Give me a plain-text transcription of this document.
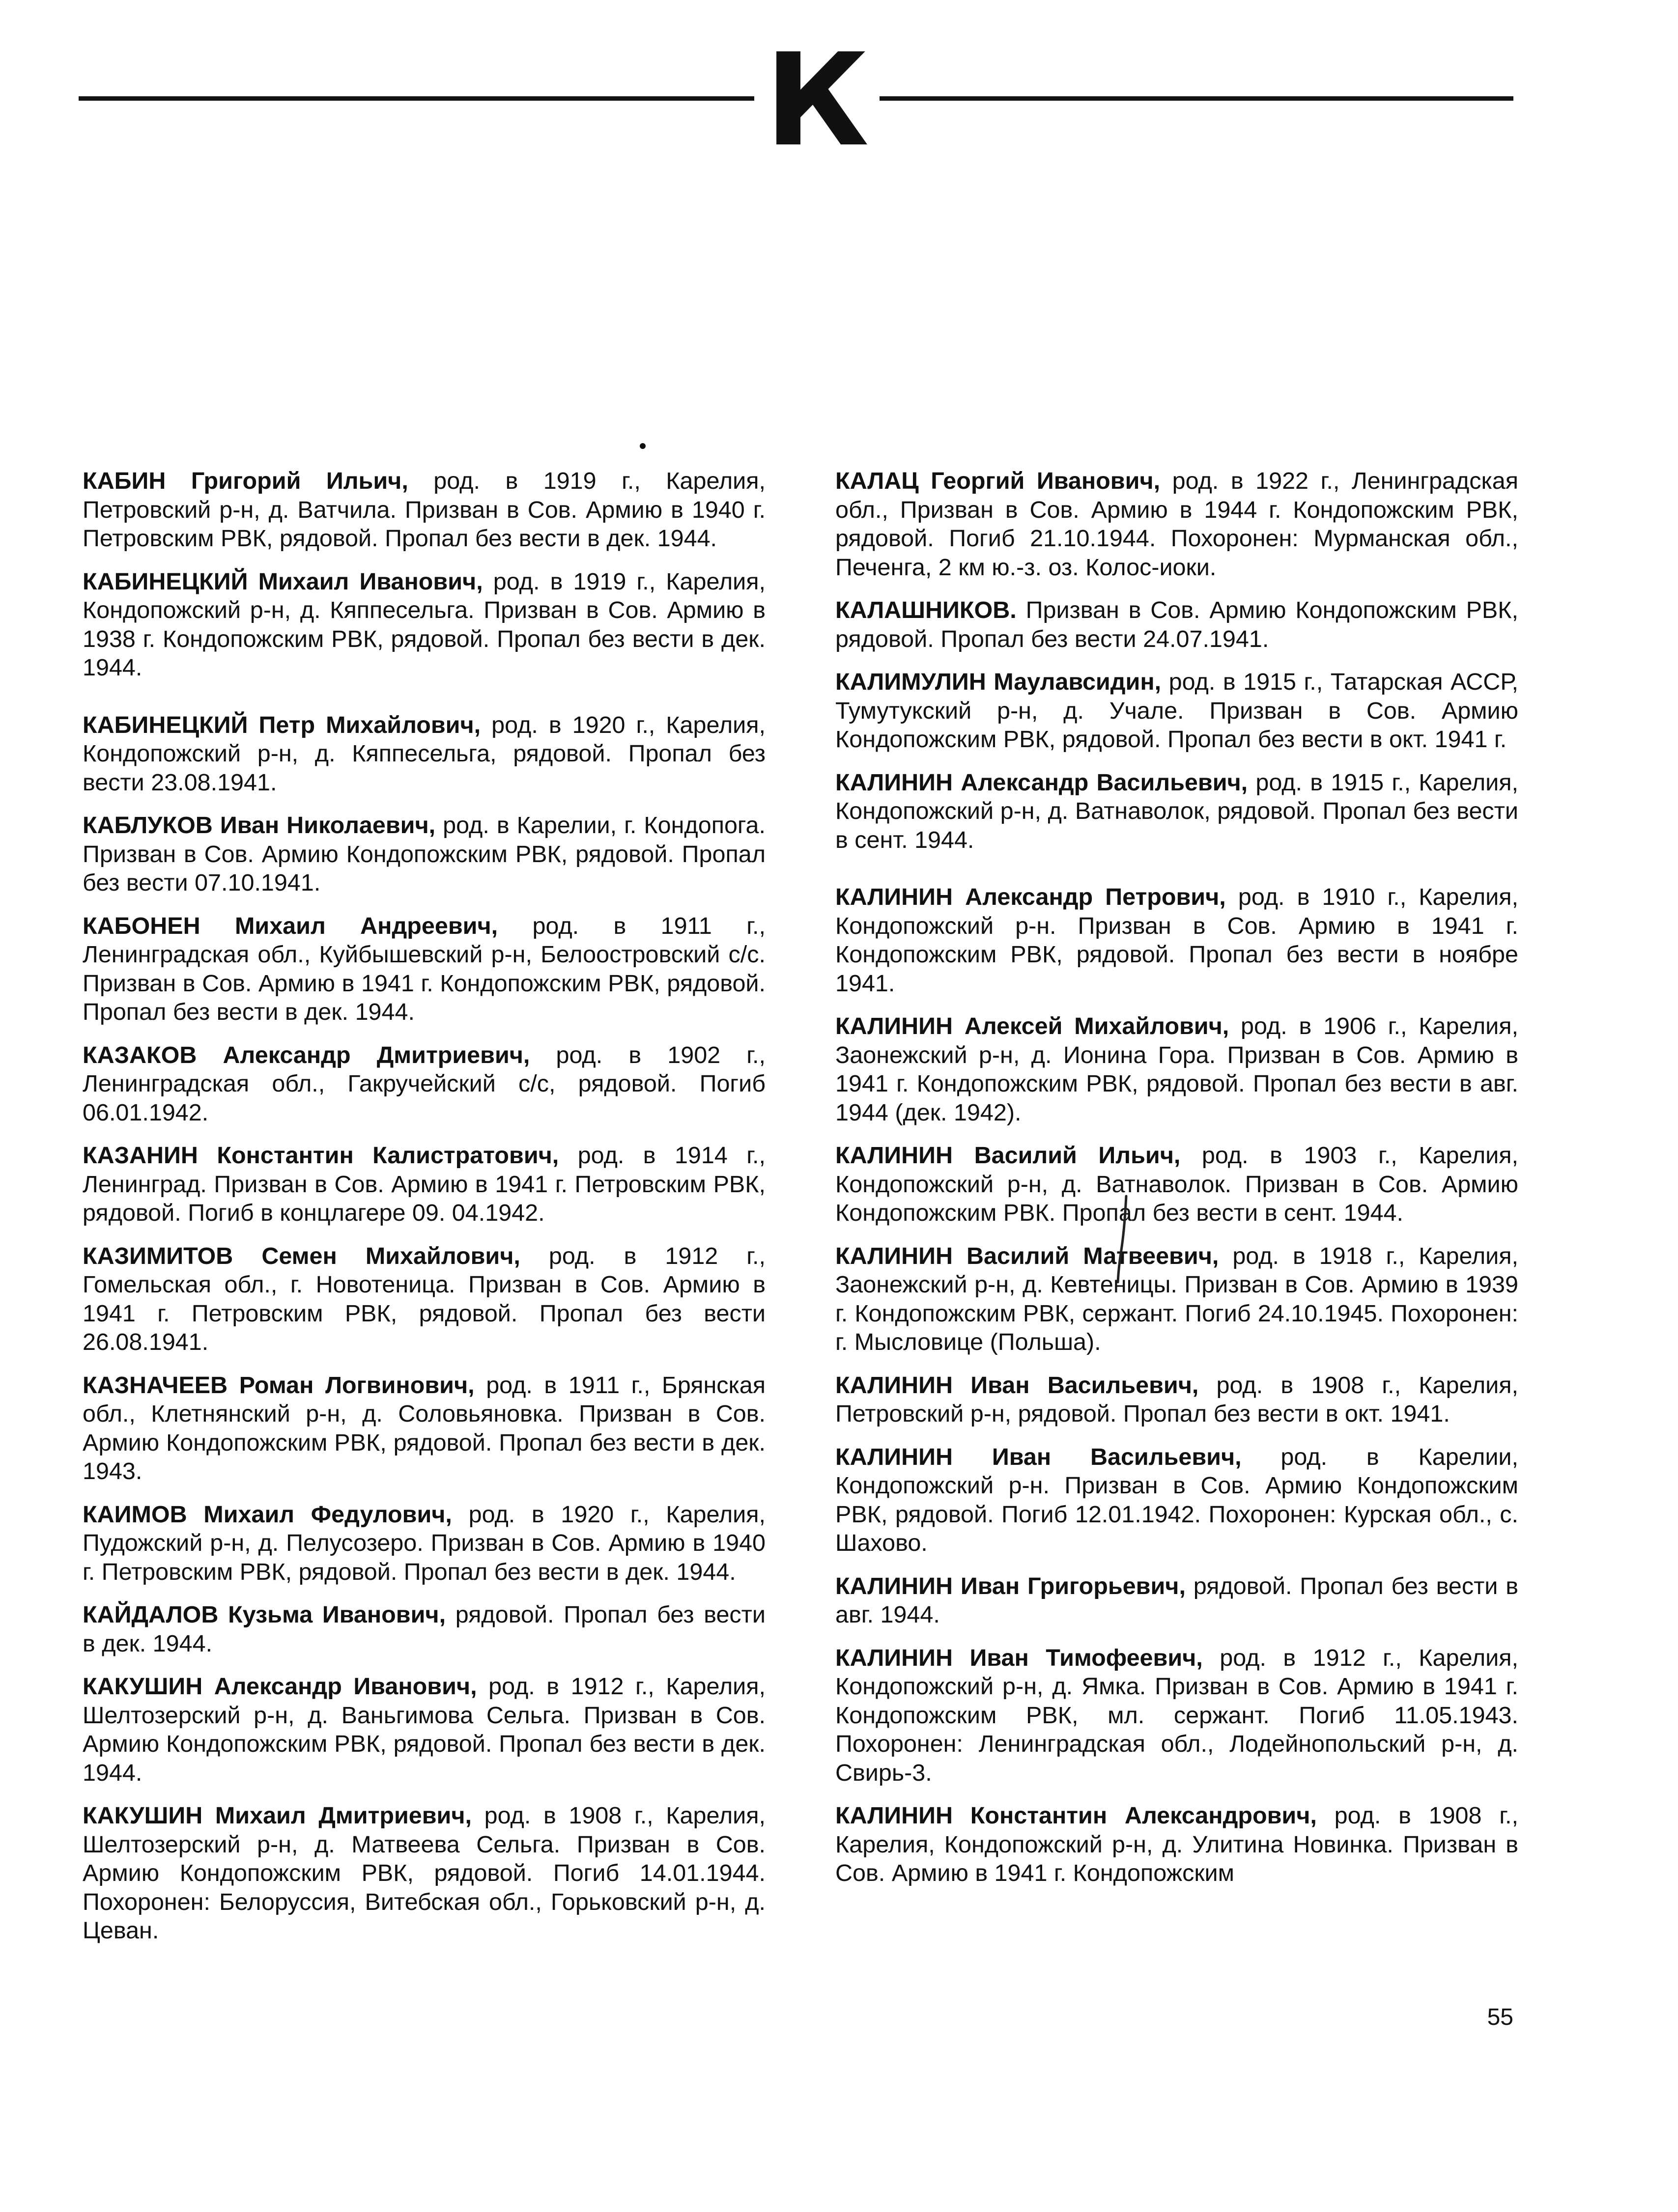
К

КАБИН Григорий Ильич, род. в 1919 г., Карелия, Петровский р-н, д. Ватчила. Призван в Сов. Армию в 1940 г. Петровским РВК, рядовой. Пропал без вести в дек. 1944.

КАБИНЕЦКИЙ Михаил Иванович, род. в 1919 г., Карелия, Кондопожский р-н, д. Кяппесельга. Призван в Сов. Армию в 1938 г. Кондопожским РВК, рядовой. Пропал без вести в дек. 1944.

КАБИНЕЦКИЙ Петр Михайлович, род. в 1920 г., Карелия, Кондопожский р-н, д. Кяппесельга, рядовой. Пропал без вести 23.08.1941.

КАБЛУКОВ Иван Николаевич, род. в Карелии, г. Кондопога. Призван в Сов. Армию Кондопожским РВК, рядовой. Пропал без вести 07.10.1941.

КАБОНЕН Михаил Андреевич, род. в 1911 г., Ленинградская обл., Куйбышевский р-н, Белоостровский с/с. Призван в Сов. Армию в 1941 г. Кондопожским РВК, рядовой. Пропал без вести в дек. 1944.

КАЗАКОВ Александр Дмитриевич, род. в 1902 г., Ленинградская обл., Гакручейский с/с, рядовой. Погиб 06.01.1942.

КАЗАНИН Константин Калистратович, род. в 1914 г., Ленинград. Призван в Сов. Армию в 1941 г. Петровским РВК, рядовой. Погиб в концлагере 09. 04.1942.

КАЗИМИТОВ Семен Михайлович, род. в 1912 г., Гомельская обл., г. Новотеница. Призван в Сов. Армию в 1941 г. Петровским РВК, рядовой. Пропал без вести 26.08.1941.

КАЗНАЧЕЕВ Роман Логвинович, род. в 1911 г., Брянская обл., Клетнянский р-н, д. Соловьяновка. Призван в Сов. Армию Кондопожским РВК, рядовой. Пропал без вести в дек. 1943.

КАИМОВ Михаил Федулович, род. в 1920 г., Карелия, Пудожский р-н, д. Пелусозеро. Призван в Сов. Армию в 1940 г. Петровским РВК, рядовой. Пропал без вести в дек. 1944.

КАЙДАЛОВ Кузьма Иванович, рядовой. Пропал без вести в дек. 1944.

КАКУШИН Александр Иванович, род. в 1912 г., Карелия, Шелтозерский р-н, д. Ваньгимова Сельга. Призван в Сов. Армию Кондопожским РВК, рядовой. Пропал без вести в дек. 1944.

КАКУШИН Михаил Дмитриевич, род. в 1908 г., Карелия, Шелтозерский р-н, д. Матвеева Сельга. Призван в Сов. Армию Кондопожским РВК, рядовой. Погиб 14.01.1944. Похоронен: Белоруссия, Витебская обл., Горьковский р-н, д. Цеван.

КАЛАЦ Георгий Иванович, род. в 1922 г., Ленинградская обл., Призван в Сов. Армию в 1944 г. Кондопожским РВК, рядовой. Погиб 21.10.1944. Похоронен: Мурманская обл., Печенга, 2 км ю.-з. оз. Колос-иоки.

КАЛАШНИКОВ. Призван в Сов. Армию Кондопожским РВК, рядовой. Пропал без вести 24.07.1941.

КАЛИМУЛИН Маулавсидин, род. в 1915 г., Татарская АССР, Тумутукский р-н, д. Учале. Призван в Сов. Армию Кондопожским РВК, рядовой. Пропал без вести в окт. 1941 г.

КАЛИНИН Александр Васильевич, род. в 1915 г., Карелия, Кондопожский р-н, д. Ватнаволок, рядовой. Пропал без вести в сент. 1944.

КАЛИНИН Александр Петрович, род. в 1910 г., Карелия, Кондопожский р-н. Призван в Сов. Армию в 1941 г. Кондопожским РВК, рядовой. Пропал без вести в ноябре 1941.

КАЛИНИН Алексей Михайлович, род. в 1906 г., Карелия, Заонежский р-н, д. Ионина Гора. Призван в Сов. Армию в 1941 г. Кондопожским РВК, рядовой. Пропал без вести в авг. 1944 (дек. 1942).

КАЛИНИН Василий Ильич, род. в 1903 г., Карелия, Кондопожский р-н, д. Ватнаволок. Призван в Сов. Армию Кондопожским РВК. Пропал без вести в сент. 1944.

КАЛИНИН Василий Матвеевич, род. в 1918 г., Карелия, Заонежский р-н, д. Кевтеницы. Призван в Сов. Армию в 1939 г. Кондопожским РВК, сержант. Погиб 24.10.1945. Похоронен: г. Мысловице (Польша).

КАЛИНИН Иван Васильевич, род. в 1908 г., Карелия, Петровский р-н, рядовой. Пропал без вести в окт. 1941.

КАЛИНИН Иван Васильевич, род. в Карелии, Кондопожский р-н. Призван в Сов. Армию Кондопожским РВК, рядовой. Погиб 12.01.1942. Похоронен: Курская обл., с. Шахово.

КАЛИНИН Иван Григорьевич, рядовой. Пропал без вести в авг. 1944.

КАЛИНИН Иван Тимофеевич, род. в 1912 г., Карелия, Кондопожский р-н, д. Ямка. Призван в Сов. Армию в 1941 г. Кондопожским РВК, мл. сержант. Погиб 11.05.1943. Похоронен: Ленинградская обл., Лодейнопольский р-н, д. Свирь-3.

КАЛИНИН Константин Александрович, род. в 1908 г., Карелия, Кондопожский р-н, д. Улитина Новинка. Призван в Сов. Армию в 1941 г. Кондопожским

55
